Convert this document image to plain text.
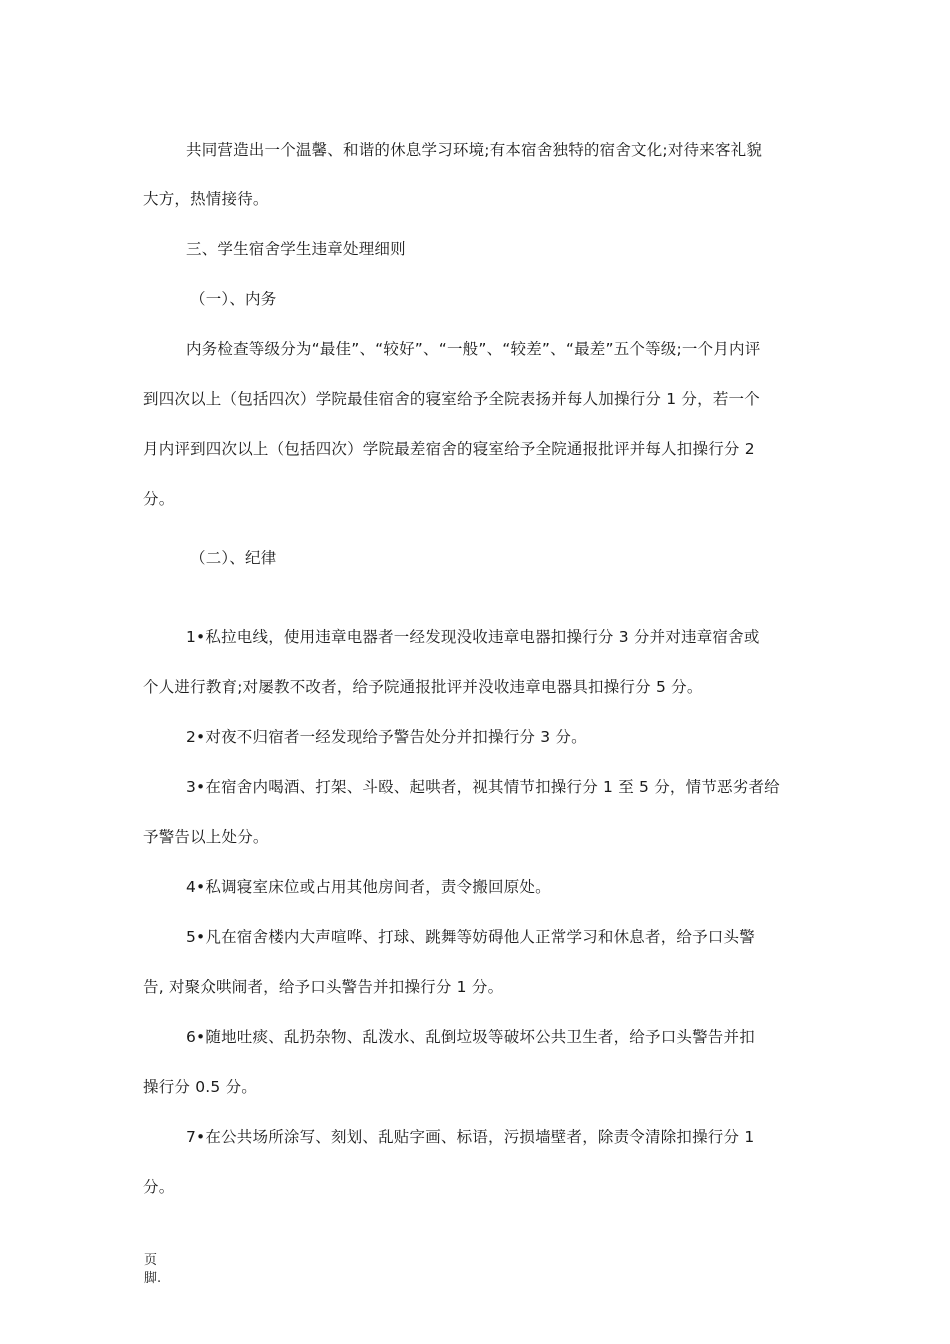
共同营造出一个温馨、和谐的休息学习环境;有本宿舍独特的宿舍文化;对待来客礼貌
大方，热情接待。
三、学生宿舍学生违章处理细则
（一）、内务
内务检查等级分为“最佳”、“较好”、“一般”、“较差”、“最差”五个等级;一个月内评
到四次以上（包括四次）学院最佳宿舍的寝室给予全院表扬并每人加操行分 1 分，若一个
月内评到四次以上（包括四次）学院最差宿舍的寝室给予全院通报批评并每人扣操行分 2
分。
（二）、纪律
1•私拉电线，使用违章电器者一经发现没收违章电器扣操行分 3 分并对违章宿舍或
个人进行教育;对屡教不改者，给予院通报批评并没收违章电器具扣操行分 5 分。
2•对夜不归宿者一经发现给予警告处分并扣操行分 3 分。
3•在宿舍内喝酒、打架、斗殴、起哄者，视其情节扣操行分 1 至 5 分，情节恶劣者给
予警告以上处分。
4•私调寝室床位或占用其他房间者，责令搬回原处。
5•凡在宿舍楼内大声喧哗、打球、跳舞等妨碍他人正常学习和休息者，给予口头警
告, 对聚众哄闹者，给予口头警告并扣操行分 1 分。
6•随地吐痰、乱扔杂物、乱泼水、乱倒垃圾等破坏公共卫生者，给予口头警告并扣
操行分 0.5 分。
7•在公共场所涂写、刻划、乱贴字画、标语，污损墙壁者，除责令清除扣操行分 1
分。
页
脚.
